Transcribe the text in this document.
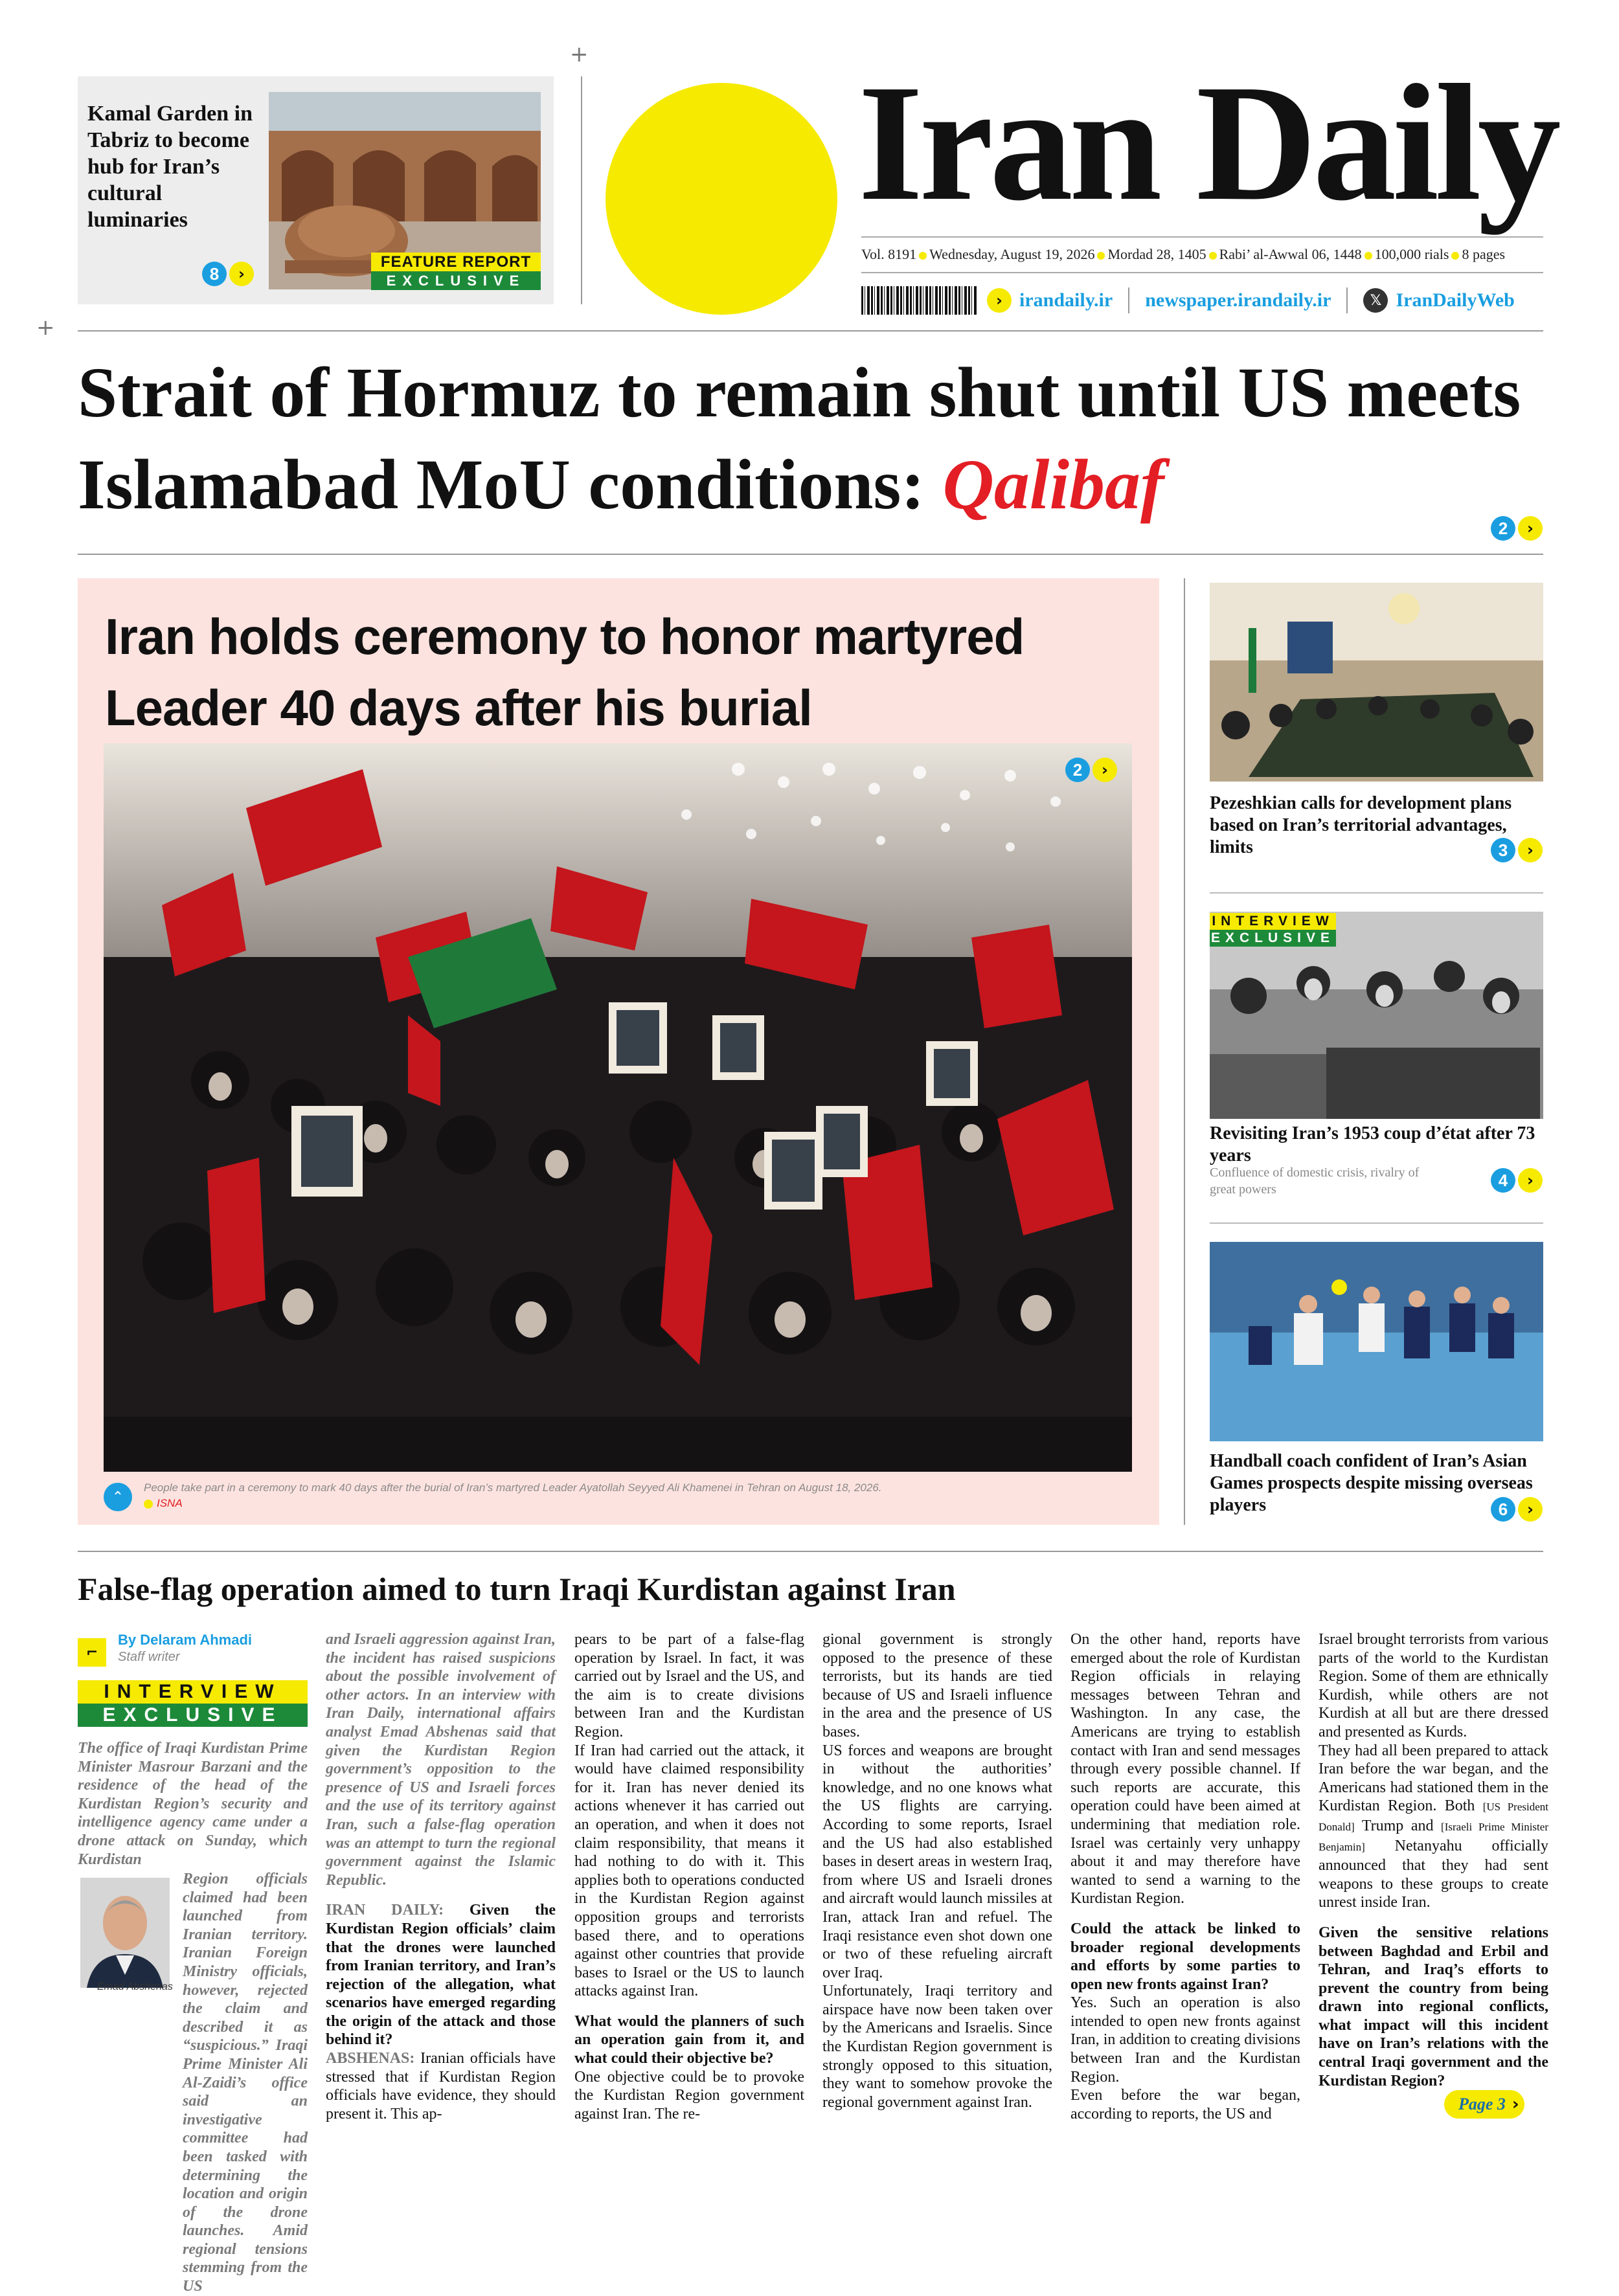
+
+
Kamal Garden in Tabriz to become hub for Iran’s cultural luminaries
FEATURE REPORT
EXCLUSIVE
8	›
Iran Daily
Vol. 8191 Wednesday, August 19, 2026 Mordad 28, 1405 Rabi’ al-Awwal 06, 1448 100,000 rials 8 pages
› irandaily.ir newspaper.irandaily.ir	𝕏 IranDailyWeb
Strait of Hormuz to remain shut until US meets Islamabad MoU conditions: Qalibaf
2	›
Iran holds ceremony to honor martyred Leader 40 days after his burial
2	›
⌃
People take part in a ceremony to mark 40 days after the burial of Iran’s martyred Leader Ayatollah Seyyed Ali Khamenei in Tehran on August 18, 2026.
ISNA
Pezeshkian calls for development plans based on Iran’s territorial advantages, limits	3	›
INTERVIEW
EXCLUSIVE
Revisiting Iran’s 1953 coup d’état after 73 years
Confluence of domestic crisis, rivalry of great powers	4	›
Handball coach confident of Iran’s Asian Games prospects despite missing overseas players	6	›
False-flag operation aimed to turn Iraqi Kurdistan against Iran
⌐
By Delaram Ahmadi
Staff writer
INTERVIEW
EXCLUSIVE

The office of Iraqi Kurdistan Prime Minister Masrour Barzani and the residence of the head of the Kurdistan Region’s security and intelligence agency came under a drone attack on Sunday, which Kurdistan

Region officials claimed had been launched from Iranian territory. Iranian Foreign Ministry officials, however, rejected the claim and described it as “suspicious.” Iraqi Prime Minister Ali Al-Zaidi’s office said an investigative committee had been tasked with determining the location and origin of the drone launches. Amid regional tensions stemming from the US

Emad Abshenas

and Israeli aggression against Iran, the incident has raised suspicions about the possible involvement of other actors. In an interview with Iran Daily, international affairs analyst Emad Abshenas said that given the Kurdistan Region government’s opposition to the presence of US and Israeli forces and the use of its territory against Iran, such a false-flag operation was an attempt to turn the regional government against the Islamic Republic.

IRAN DAILY: Given the Kurdistan Region officials’ claim that the drones were launched from Iranian territory, and Iran’s rejection of the allegation, what scenarios have emerged regarding the origin of the attack and those behind it?

ABSHENAS: Iranian officials have stressed that if Kurdistan Region officials have evidence, they should present it. This ap-

pears to be part of a false-flag operation by Israel. In fact, it was carried out by Israel and the US, and the aim is to create divisions between Iran and the Kurdistan Region.

If Iran had carried out the attack, it would have claimed responsibility for it. Iran has never denied its actions whenever it has carried out an operation, and when it does not claim responsibility, that means it had nothing to do with it. This applies both to operations conducted in the Kurdistan Region against opposition groups and terrorists based there, and to operations against other countries that provide bases to Israel or the US to launch attacks against Iran.

What would the planners of such an operation gain from it, and what could their objective be?

One objective could be to provoke the Kurdistan Region government against Iran. The re-

gional government is strongly opposed to the presence of these terrorists, but its hands are tied because of US and Israeli influence in the area and the presence of US bases.

US forces and weapons are brought in without the authorities’ knowledge, and no one knows what the US flights are carrying. According to some reports, Israel and the US had also established bases in desert areas in western Iraq, from where US and Israeli drones and aircraft would launch missiles at Iran, attack Iran and refuel. The Iraqi resistance even shot down one or two of these refueling aircraft over Iraq.

Unfortunately, Iraqi territory and airspace have now been taken over by the Americans and Israelis. Since the Kurdistan Region government is strongly opposed to this situation, they want to somehow provoke the regional government against Iran.

On the other hand, reports have emerged about the role of Kurdistan Region officials in relaying messages between Tehran and Washington. In any case, the Americans are trying to establish contact with Iran and send messages through every possible channel. If such reports are accurate, this operation could have been aimed at undermining that mediation role. Israel was certainly very unhappy about it and may therefore have wanted to send a warning to the Kurdistan Region.

Could the attack be linked to broader regional developments and efforts by some parties to open new fronts against Iran?

Yes. Such an operation is also intended to open new fronts against Iran, in addition to creating divisions between Iran and the Kurdistan Region.

Even before the war began, according to reports, the US and

Israel brought terrorists from various parts of the world to the Kurdistan Region. Some of them are ethnically Kurdish, while others are not Kurdish at all but are there dressed and presented as Kurds.

They had all been prepared to attack Iran before the war began, and the Americans had stationed them in the Kurdistan Region. Both [US President Donald] Trump and [Israeli Prime Minister Benjamin] Netanyahu officially announced that they had sent weapons to these groups to create unrest inside Iran.

Given the sensitive relations between Baghdad and Erbil and Tehran, and Iraq’s efforts to prevent the country from being drawn into regional conflicts, what impact will this incident have on Iran’s relations with the central Iraqi government and the Kurdistan Region?

Page 3 ›
